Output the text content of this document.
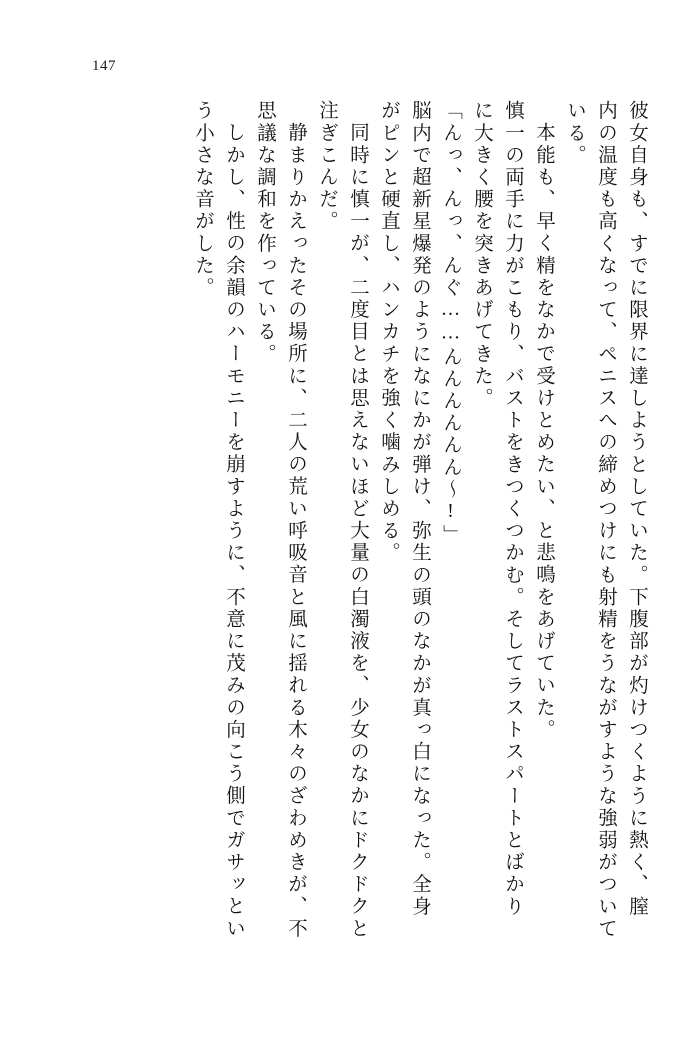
147
彼女自身も、すでに限界に達しようとしていた。下腹部が灼けつくように熱く、膣
内の温度も高くなって、ペニスへの締めつけにも射精をうながすような強弱がついて
いる。
本能も、早く精をなかで受けとめたい、と悲鳴をあげていた。
慎一の両手に力がこもり、バストをきつくつかむ。そしてラストスパートとばかり
に大きく腰を突きあげてきた。
「んっ、んっ、んぐ……んんんんんん〜!」
脳内で超新星爆発のようになにかが弾け、弥生の頭のなかが真っ白になった。全身
がピンと硬直し、ハンカチを強く噛みしめる。
同時に慎一が、二度目とは思えないほど大量の白濁液を、少女のなかにドクドクと
注ぎこんだ。
静まりかえったその場所に、二人の荒い呼吸音と風に揺れる木々のざわめきが、不
思議な調和を作っている。
しかし、性の余韻のハーモニーを崩すように、不意に茂みの向こう側でガサッとい
う小さな音がした。
